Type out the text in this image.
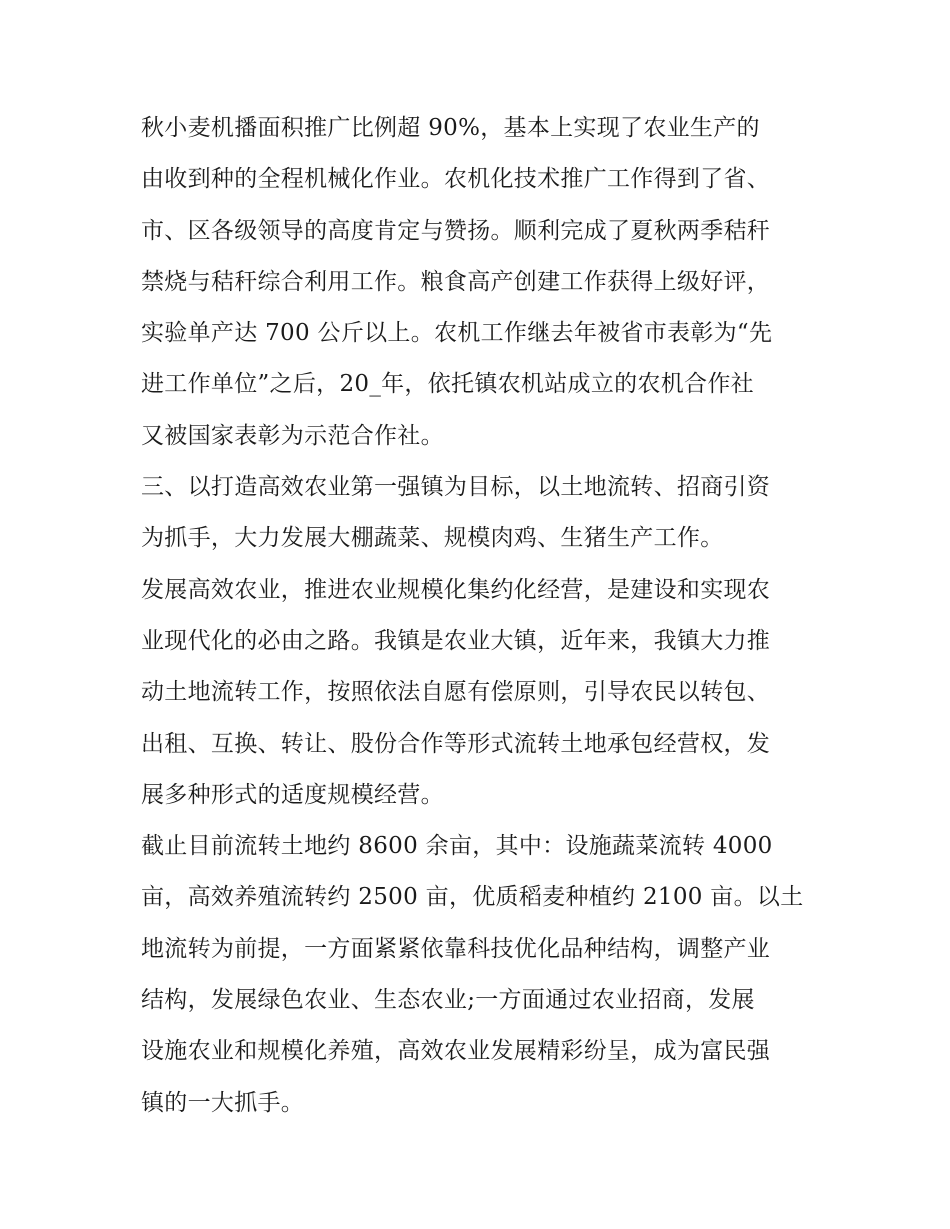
秋小麦机播面积推广比例超 90%，基本上实现了农业生产的
由收到种的全程机械化作业。农机化技术推广工作得到了省、
市、区各级领导的高度肯定与赞扬。顺利完成了夏秋两季秸秆
禁烧与秸秆综合利用工作。粮食高产创建工作获得上级好评，
实验单产达 700 公斤以上。农机工作继去年被省市表彰为“先
进工作单位”之后，20_年，依托镇农机站成立的农机合作社
又被国家表彰为示范合作社。
三、以打造高效农业第一强镇为目标，以土地流转、招商引资
为抓手，大力发展大棚蔬菜、规模肉鸡、生猪生产工作。
发展高效农业，推进农业规模化集约化经营，是建设和实现农
业现代化的必由之路。我镇是农业大镇，近年来，我镇大力推
动土地流转工作，按照依法自愿有偿原则，引导农民以转包、
出租、互换、转让、股份合作等形式流转土地承包经营权，发
展多种形式的适度规模经营。
截止目前流转土地约 8600 余亩，其中：设施蔬菜流转 4000
亩，高效养殖流转约 2500 亩，优质稻麦种植约 2100 亩。以土
地流转为前提，一方面紧紧依靠科技优化品种结构，调整产业
结构，发展绿色农业、生态农业;一方面通过农业招商，发展
设施农业和规模化养殖，高效农业发展精彩纷呈，成为富民强
镇的一大抓手。
